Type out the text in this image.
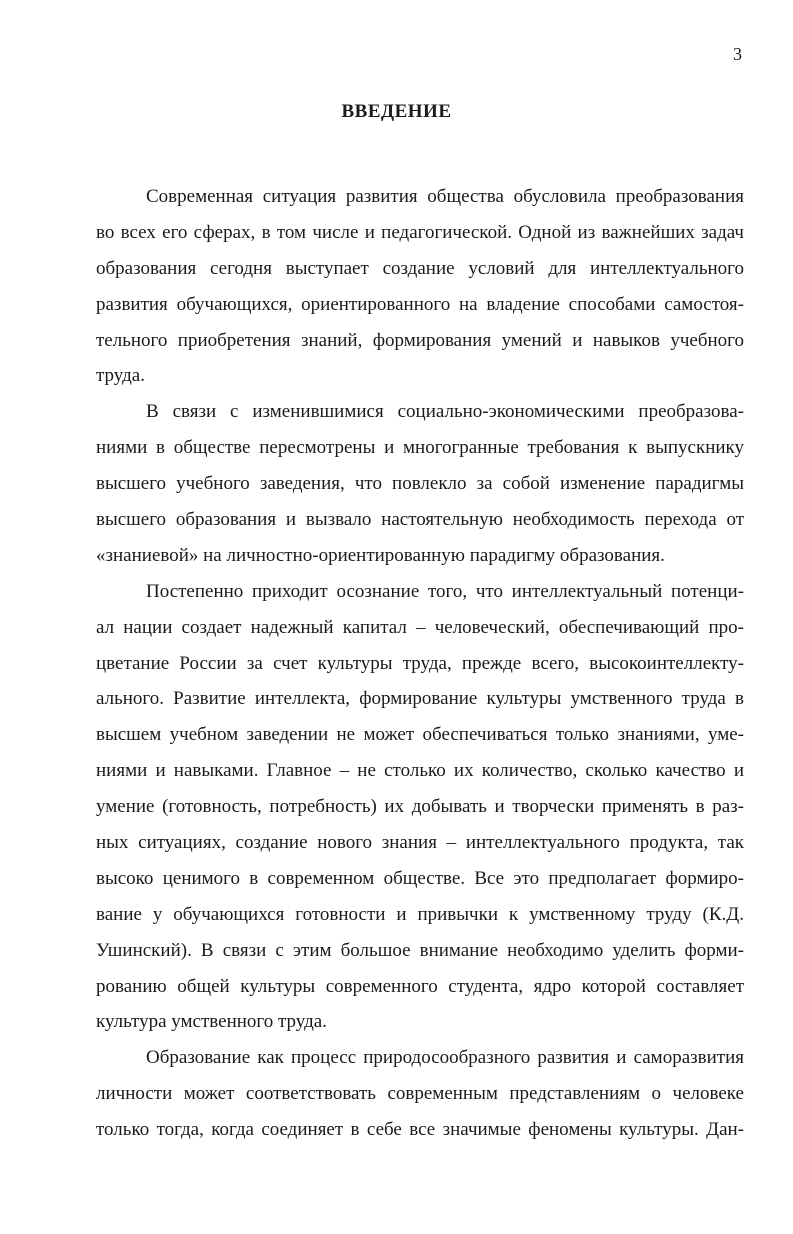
3
ВВЕДЕНИЕ
Современная ситуация развития общества обусловила преобразования
во всех его сферах, в том числе и педагогической. Одной из важнейших задач
образования сегодня выступает создание условий для интеллектуального
развития обучающихся, ориентированного на владение способами самостоя-
тельного приобретения знаний, формирования умений и навыков учебного
труда.
В связи с изменившимися социально-экономическими преобразова-
ниями в обществе пересмотрены и многогранные требования к выпускнику
высшего учебного заведения, что повлекло за собой изменение парадигмы
высшего образования и вызвало настоятельную необходимость перехода от
«знаниевой» на личностно-ориентированную парадигму образования.
Постепенно приходит осознание того, что интеллектуальный потенци-
ал нации создает надежный капитал – человеческий, обеспечивающий про-
цветание России за счет культуры труда, прежде всего, высокоинтеллекту-
ального. Развитие интеллекта, формирование культуры умственного труда в
высшем учебном заведении не может обеспечиваться только знаниями, уме-
ниями и навыками. Главное – не столько их количество, сколько качество и
умение (готовность, потребность) их добывать и творчески применять в раз-
ных ситуациях, создание нового знания – интеллектуального продукта, так
высоко ценимого в современном обществе. Все это предполагает формиро-
вание у обучающихся готовности и привычки к умственному труду (К.Д.
Ушинский). В связи с этим большое внимание необходимо уделить форми-
рованию общей культуры современного студента, ядро которой составляет
культура умственного труда.
Образование как процесс природосообразного развития и саморазвития
личности может соответствовать современным представлениям о человеке
только тогда, когда соединяет в себе все значимые феномены культуры. Дан-
